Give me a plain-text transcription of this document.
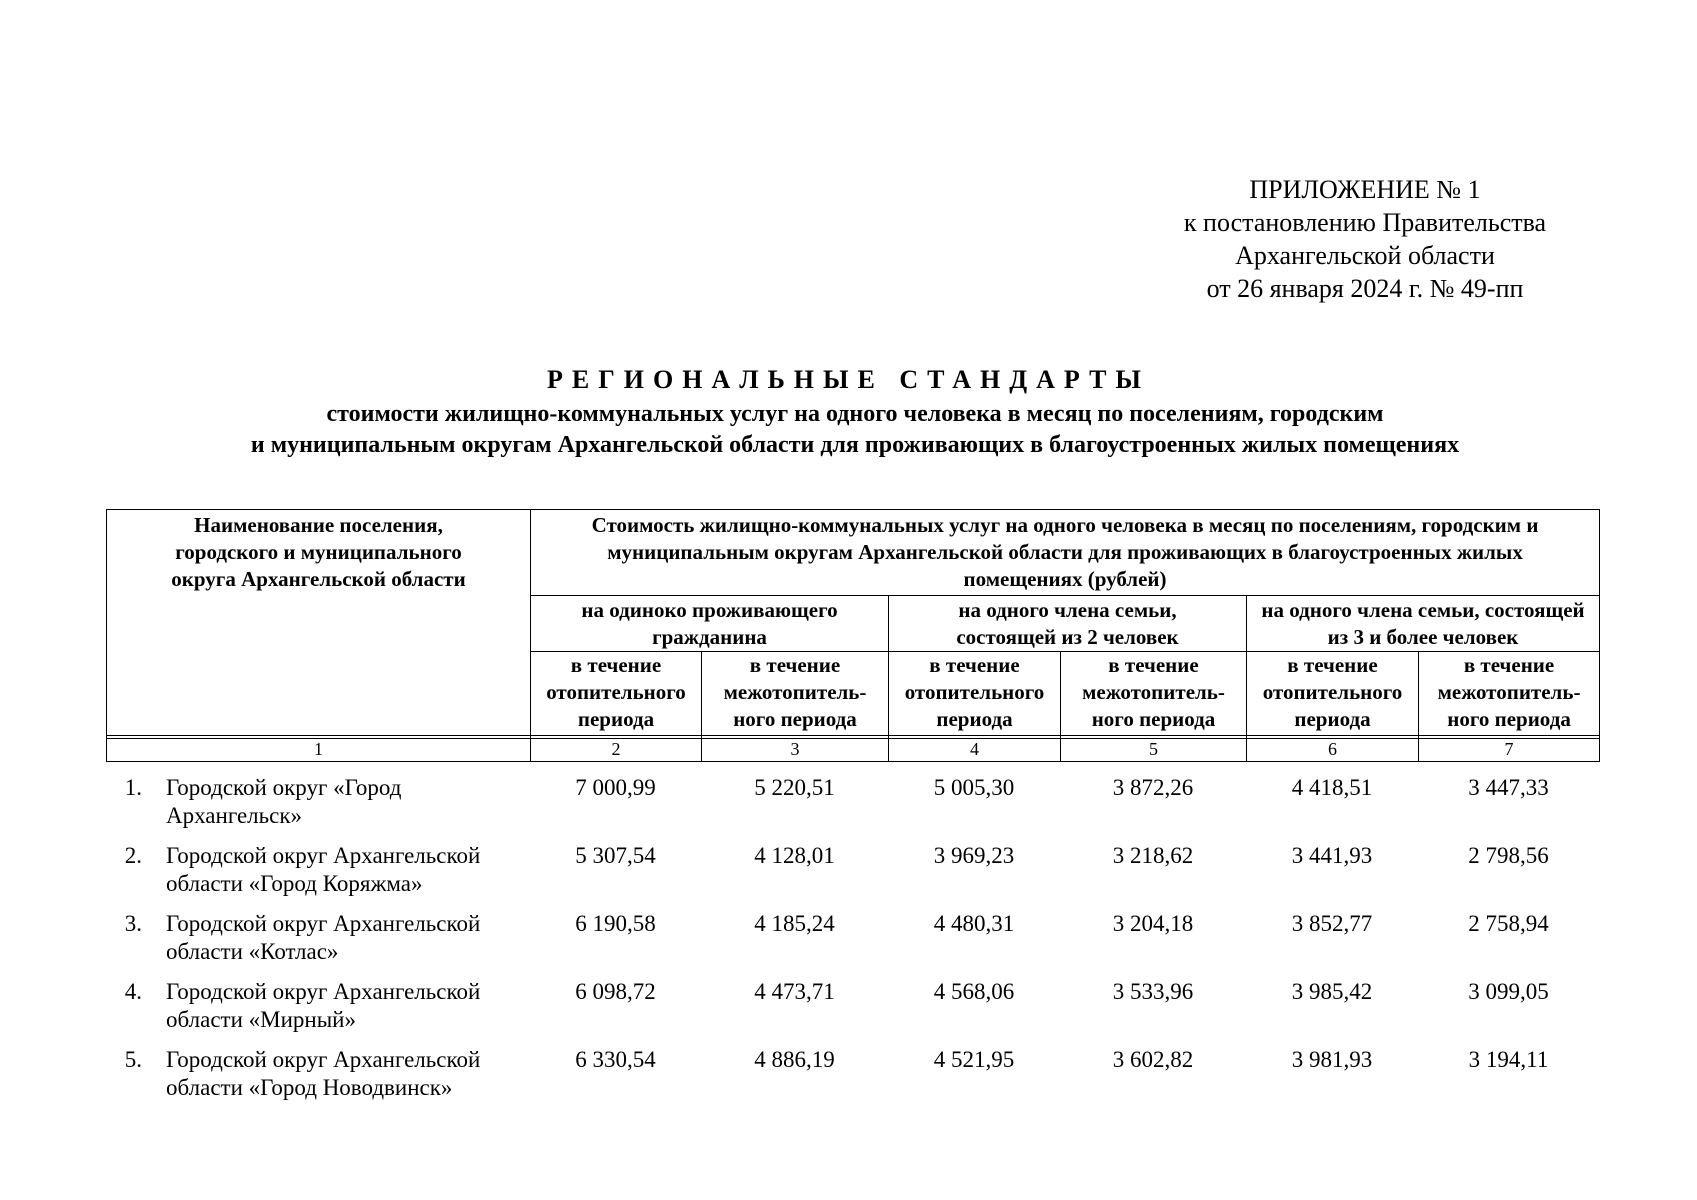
ПРИЛОЖЕНИЕ № 1
к постановлению Правительства
Архангельской области
от 26 января 2024 г. № 49-пп
РЕГИОНАЛЬНЫЕ СТАНДАРТЫ
стоимости жилищно-коммунальных услуг на одного человека в месяц по поселениям, городским
и муниципальным округам Архангельской области для проживающих в благоустроенных жилых помещениях
Наименование поселения, городского и муниципального округа Архангельской области	Стоимость жилищно-коммунальных услуг на одного человека в месяц по поселениям, городским и муниципальным округам Архангельской области для проживающих в благоустроенных жилых помещениях (рублей)					
	на одиноко проживающего гражданина		на одного члена семьи, состоящей из 2 человек		на одного члена семьи, состоящей из 3 и более человек	
	в течение отопительного периода	в течение межотопитель-ного периода	в течение отопительного периода	в течение межотопитель-ного периода	в течение отопительного периода	в течение межотопитель-ного периода

1	2	3	4	5	6	7
1.	Городской округ «Город
Архангельск»	7 000,99	5 220,51	5 005,30	3 872,26	4 418,51	3 447,33
2.	Городской округ Архангельской
области «Город Коряжма»	5 307,54	4 128,01	3 969,23	3 218,62	3 441,93	2 798,56
3.	Городской округ Архангельской
области «Котлас»	6 190,58	4 185,24	4 480,31	3 204,18	3 852,77	2 758,94
4.	Городской округ Архангельской
области «Мирный»	6 098,72	4 473,71	4 568,06	3 533,96	3 985,42	3 099,05
5.	Городской округ Архангельской
области «Город Новодвинск»	6 330,54	4 886,19	4 521,95	3 602,82	3 981,93	3 194,11
